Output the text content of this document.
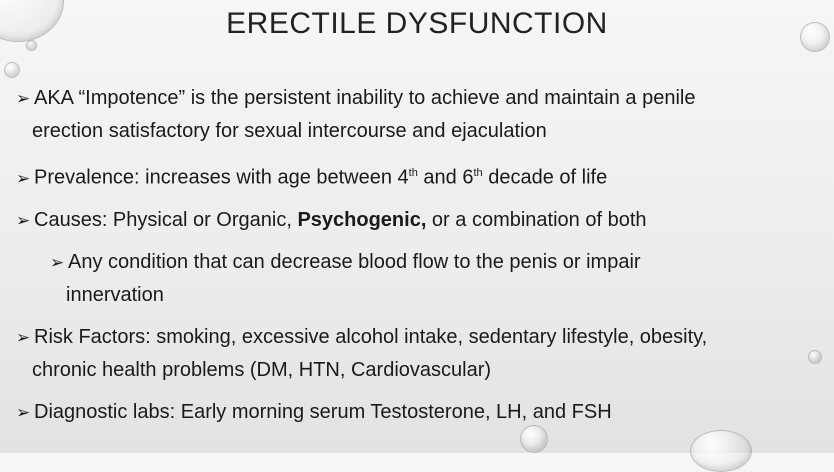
ERECTILE DYSFUNCTION
➢ AKA “Impotence” is the persistent inability to achieve and maintain a penile
erection satisfactory for sexual intercourse and ejaculation
➢ Prevalence: increases with age between 4th and 6th decade of life
➢ Causes: Physical or Organic, Psychogenic, or a combination of both
➢ Any condition that can decrease blood flow to the penis or impair
innervation
➢ Risk Factors: smoking, excessive alcohol intake, sedentary lifestyle, obesity,
chronic health problems (DM, HTN, Cardiovascular)
➢ Diagnostic labs: Early morning serum Testosterone, LH, and FSH
